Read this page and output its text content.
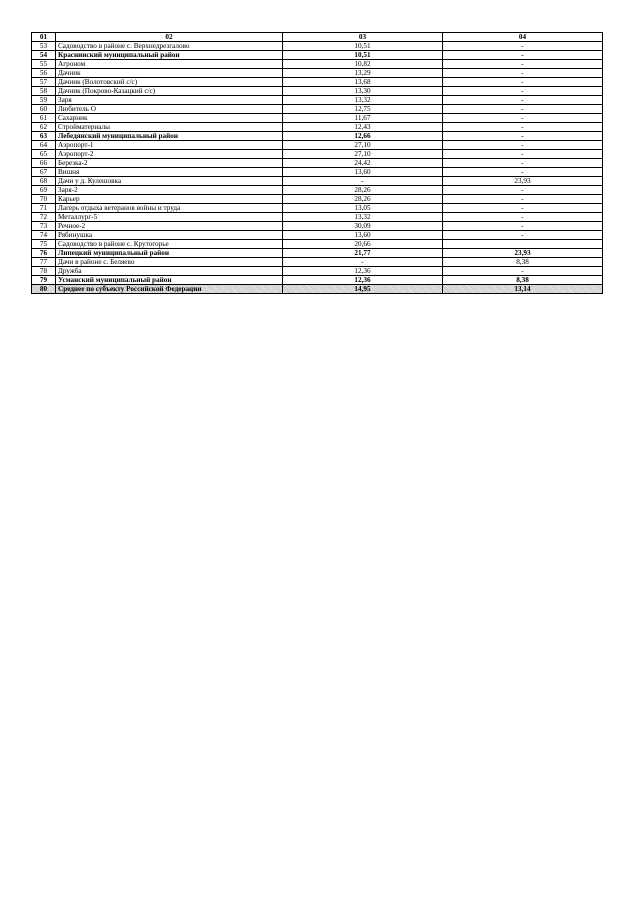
01	02	03	04
53	Садоводство в районе с. Верхнедрезгалово	10,51	-
54	Краснинский муниципальный район	10,51	-
55	Агроном	10,82	-
56	Дачник	13,29	-
57	Дачник (Волотовский с/с)	13,68	-
58	Дачник (Покрово-Казацкий с/с)	13,30	-
59	Заря	13,32	-
60	Любитель О	12,75	-
61	Сахарник	11,67	-
62	Стройматериалы	12,43	-
63	Лебедянский муниципальный район	12,66	-
64	Аэропорт-1	27,10	-
65	Аэропорт-2	27,10	-
66	Березка-2	24,42	-
67	Вишня	13,60	-
68	Дачи у д. Кулешовка	-	23,93
69	Заря-2	28,26	-
70	Карьер	28,26	-
71	Лагерь отдыха ветеранов войны и труда	13,05	-
72	Металлург-5	13,32	-
73	Речное-2	30,09	-
74	Рябинушка	13,60	-
75	Садоводство в районе с. Крутогорье	20,66	
76	Липецкий муниципальный район	21,77	23,93
77	Дачи в районе с. Беляево	-	8,38
78	Дружба	12,36	-
79	Усманский муниципальный район	12,36	8,38
80	Среднее по субъекту Российской Федерации	14,95	13,14
